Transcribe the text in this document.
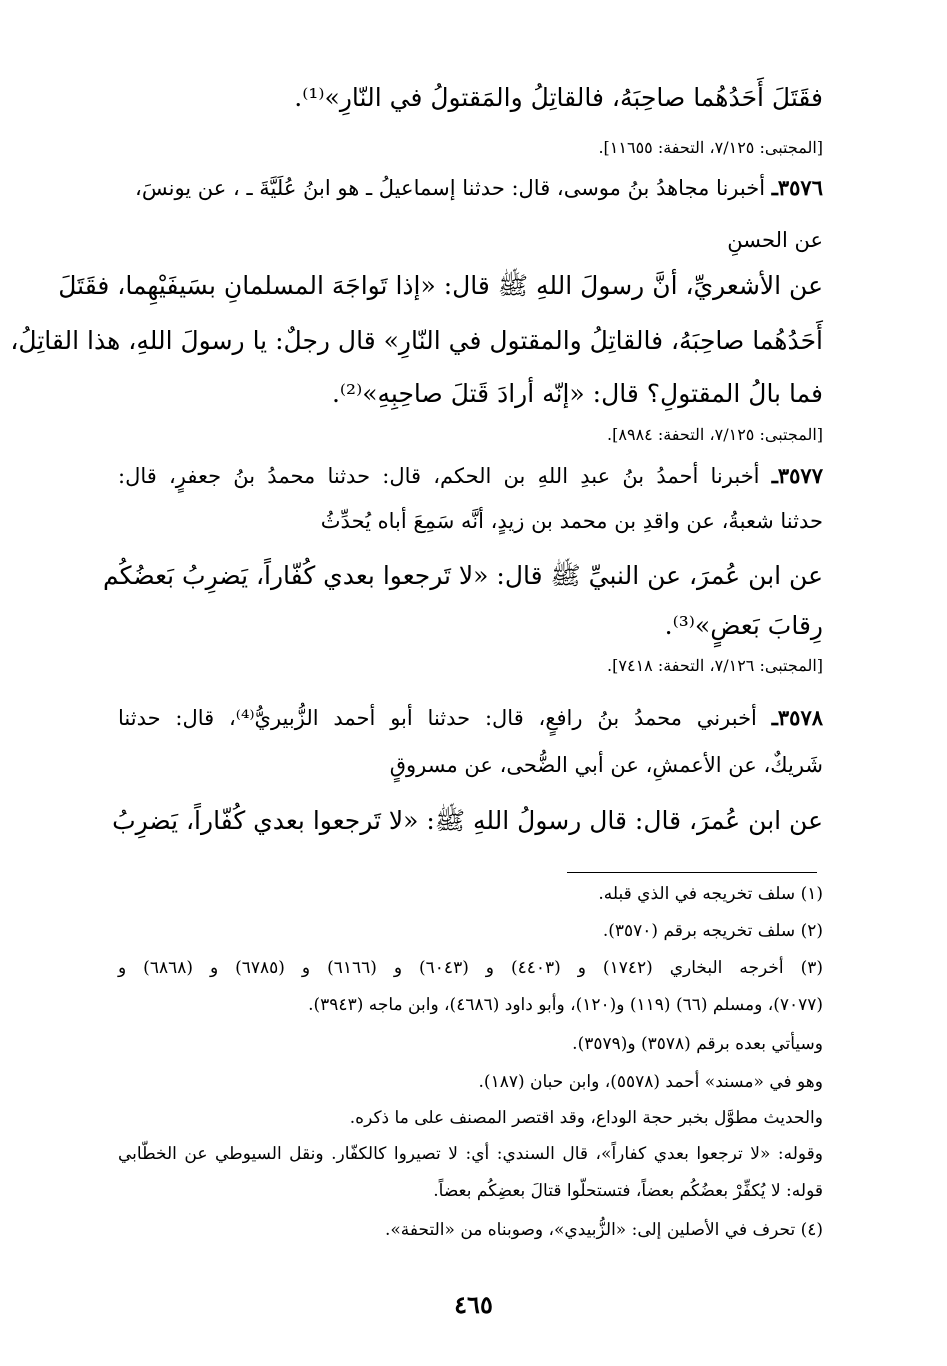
فقَتَلَ أَحَدُهُما صاحِبَهُ، فالقاتِلُ والمَقتولُ في النّارِ»⁽¹⁾.
[المجتبى: ٧/١٢٥، التحفة: ١١٦٥٥].
٣٥٧٦ـ أخبرنا مجاهدُ بنُ موسى، قال: حدثنا إسماعيلُ ـ هو ابنُ عُلَيَّةَ ـ ، عن يونسَ،
عن الحسنِ
عن الأشعريِّ، أنَّ رسولَ اللهِ ﷺ قال: «إذا تَواجَهَ المسلمانِ بسَيفَيْهِما، فقَتَلَ
أَحَدُهُما صاحِبَهُ، فالقاتِلُ والمقتول في النّارِ» قال رجلٌ: يا رسولَ اللهِ، هذا القاتِلُ،
فما بالُ المقتولِ؟ قال: «إنّه أرادَ قَتلَ صاحِبِهِ»⁽²⁾.
[المجتبى: ٧/١٢٥، التحفة: ٨٩٨٤].
٣٥٧٧ـ أخبرنا أحمدُ بنُ عبدِ اللهِ بن الحكم، قال: حدثنا محمدُ بنُ جعفرٍ، قال:
حدثنا شعبةُ، عن واقدِ بن محمد بن زيدٍ، أنَّه سَمِعَ أباه يُحدِّثُ
عن ابن عُمرَ، عن النبيِّ ﷺ قال: «لا تَرجعوا بعدي كُفّاراً، يَضرِبُ بَعضُكُم
رِقابَ بَعضٍ»⁽³⁾.
[المجتبى: ٧/١٢٦، التحفة: ٧٤١٨].
٣٥٧٨ـ أخبرني محمدُ بنُ رافعٍ، قال: حدثنا أبو أحمد الزُّبيريُّ⁽⁴⁾، قال: حدثنا
شَريكٌ، عن الأعمشِ، عن أبي الضُّحى، عن مسروقٍ
عن ابن عُمرَ، قال: قال رسولُ اللهِ ﷺ: «لا تَرجعوا بعدي كُفّاراً، يَضرِبُ
(١) سلف تخريجه في الذي قبله.
(٢) سلف تخريجه برقم (٣٥٧٠).
(٣) أخرجه البخاري (١٧٤٢) و (٤٤٠٣) و (٦٠٤٣) و (٦١٦٦) و (٦٧٨٥) و (٦٨٦٨) و
(٧٠٧٧)، ومسلم (٦٦) (١١٩) و(١٢٠)، وأبو داود (٤٦٨٦)، وابن ماجه (٣٩٤٣).
وسيأتي بعده برقم (٣٥٧٨) و(٣٥٧٩).
وهو في «مسند» أحمد (٥٥٧٨)، وابن حبان (١٨٧).
والحديث مطوَّل بخبر حجة الوداع، وقد اقتصر المصنف على ما ذكره.
وقوله: «لا ترجعوا بعدي كفاراً»، قال السندي: أي: لا تصيروا كالكفّار. ونقل السيوطي عن الخطّابي
قوله: لا يُكفِّرْ بعضُكُم بعضاً، فتستحلّوا قتالَ بعضِكُم بعضاً.
(٤) تحرف في الأصلين إلى: «الزُّبيدي»، وصوبناه من «التحفة».
٤٦٥
